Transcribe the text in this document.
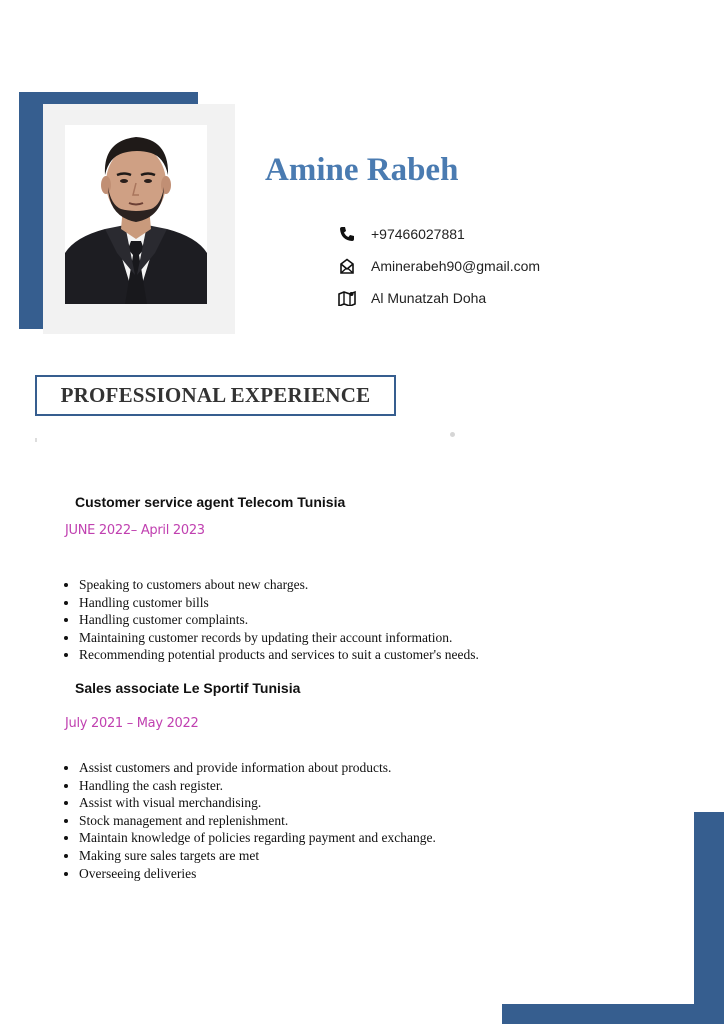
Amine Rabeh
+97466027881
Aminerabeh90@gmail.com
Al Munatzah Doha
PROFESSIONAL EXPERIENCE
Customer service agent Telecom Tunisia
JUNE 2022– April 2023
• Speaking to customers about new charges.
• Handling customer bills
• Handling customer complaints.
• Maintaining customer records by updating their account information.
• Recommending potential products and services to suit a customer's needs.
Sales associate Le Sportif Tunisia
July 2021 – May 2022
• Assist customers and provide information about products.
• Handling the cash register.
• Assist with visual merchandising.
• Stock management and replenishment.
• Maintain knowledge of policies regarding payment and exchange.
• Making sure sales targets are met
• Overseeing deliveries
